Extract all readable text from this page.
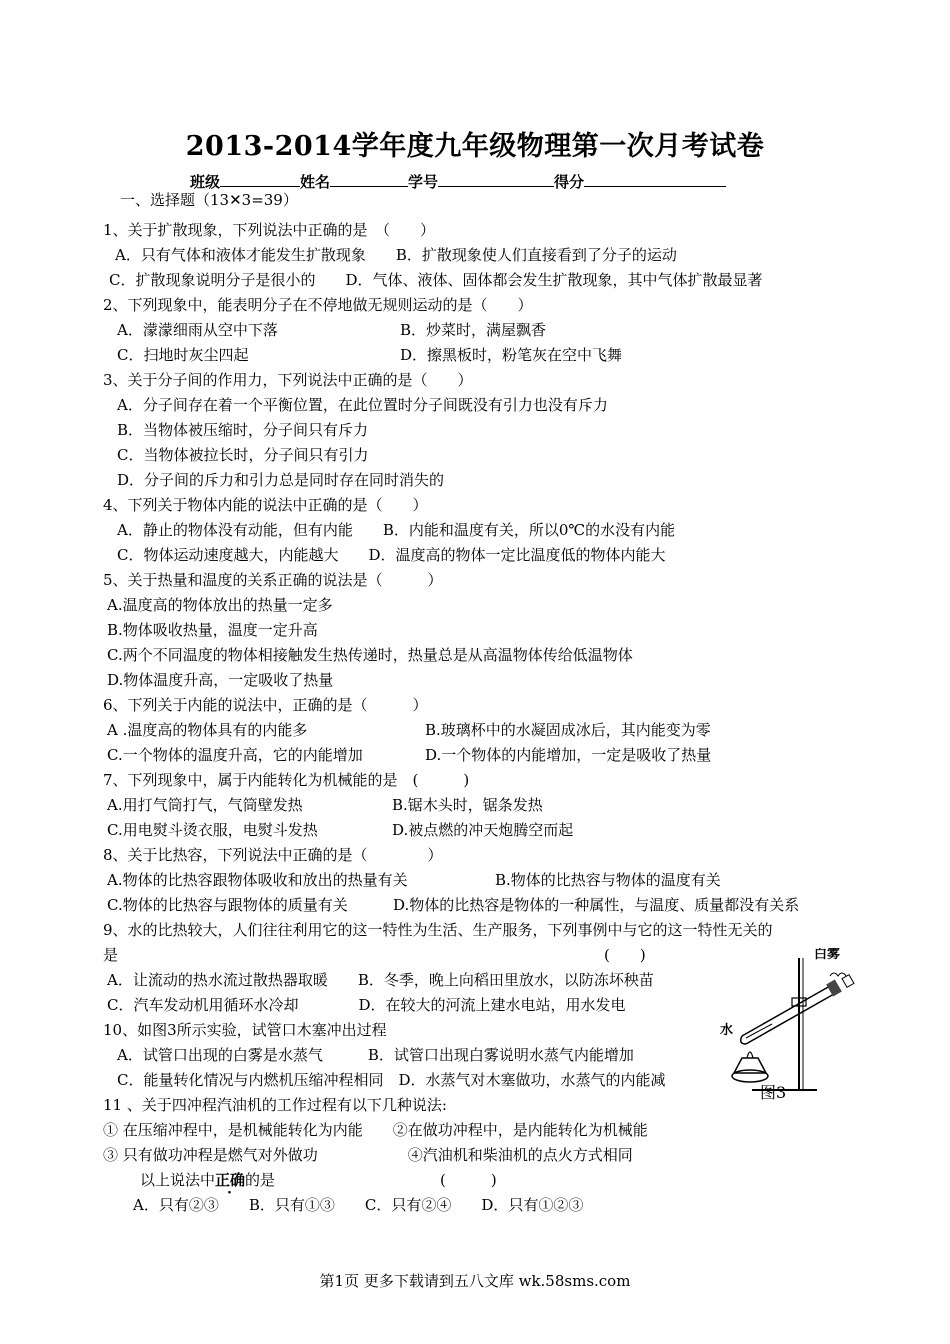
2013-2014学年度九年级物理第一次月考试卷
班级	姓名	学号	得分
一、选择题（13✕3=39）
1、关于扩散现象，下列说法中正确的是　（　　）
A．只有气体和液体才能发生扩散现象　　B．扩散现象使人们直接看到了分子的运动
C．扩散现象说明分子是很小的　　D．气体、液体、固体都会发生扩散现象，其中气体扩散最显著
2、下列现象中，能表明分子在不停地做无规则运动的是（　　）
A．濛濛细雨从空中下落	B．炒菜时，满屋飘香
C．扫地时灰尘四起	D．擦黑板时，粉笔灰在空中飞舞
3、关于分子间的作用力，下列说法中正确的是（　　）
A．分子间存在着一个平衡位置，在此位置时分子间既没有引力也没有斥力
B．当物体被压缩时，分子间只有斥力
C．当物体被拉长时，分子间只有引力
D．分子间的斥力和引力总是同时存在同时消失的
4、下列关于物体内能的说法中正确的是（　　）
A．静止的物体没有动能，但有内能　　B．内能和温度有关，所以0℃的水没有内能
C．物体运动速度越大，内能越大　　D．温度高的物体一定比温度低的物体内能大
5、关于热量和温度的关系正确的说法是（　　　）
A.温度高的物体放出的热量一定多
B.物体吸收热量，温度一定升高
C.两个不同温度的物体相接触发生热传递时，热量总是从高温物体传给低温物体
D.物体温度升高，一定吸收了热量
6、下列关于内能的说法中，正确的是（　　　）
A .温度高的物体具有的内能多	B.玻璃杯中的水凝固成冰后，其内能变为零
C.一个物体的温度升高，它的内能增加	D.一个物体的内能增加，一定是吸收了热量
7、下列现象中，属于内能转化为机械能的是　(　　　)
A.用打气筒打气，气筒壁发热	B.锯木头时，锯条发热
C.用电熨斗烫衣服，电熨斗发热	D.被点燃的冲天炮腾空而起
8、关于比热容，下列说法中正确的是（　　　　）
A.物体的比热容跟物体吸收和放出的热量有关	B.物体的比热容与物体的温度有关
C.物体的比热容与跟物体的质量有关	D.物体的比热容是物体的一种属性，与温度、质量都没有关系
9、水的比热较大，人们往往利用它的这一特性为生活、生产服务，下列事例中与它的这一特性无关的
是	(　　)
A．让流动的热水流过散热器取暖　　B．冬季，晚上向稻田里放水，以防冻坏秧苗
C．汽车发动机用循环水冷却　　　　D．在较大的河流上建水电站，用水发电
10、如图3所示实验，试管口木塞冲出过程
A．试管口出现的白雾是水蒸气　　　B．试管口出现白雾说明水蒸气内能增加
C．能量转化情况与内燃机压缩冲程相同　D．水蒸气对木塞做功，水蒸气的内能减
11 、关于四冲程汽油机的工作过程有以下几种说法:
① 在压缩冲程中，是机械能转化为内能　　②在做功冲程中，是内能转化为机械能
③ 只有做功冲程是燃气对外做功　　　　　　④汽油机和柴油机的点火方式相同
以上说法中正确的是	(　　　)
A．只有②③　　B．只有①③　　C．只有②④　　D．只有①②③
白雾
水
图3
第1页 更多下载请到五八文库 wk.58sms.com
